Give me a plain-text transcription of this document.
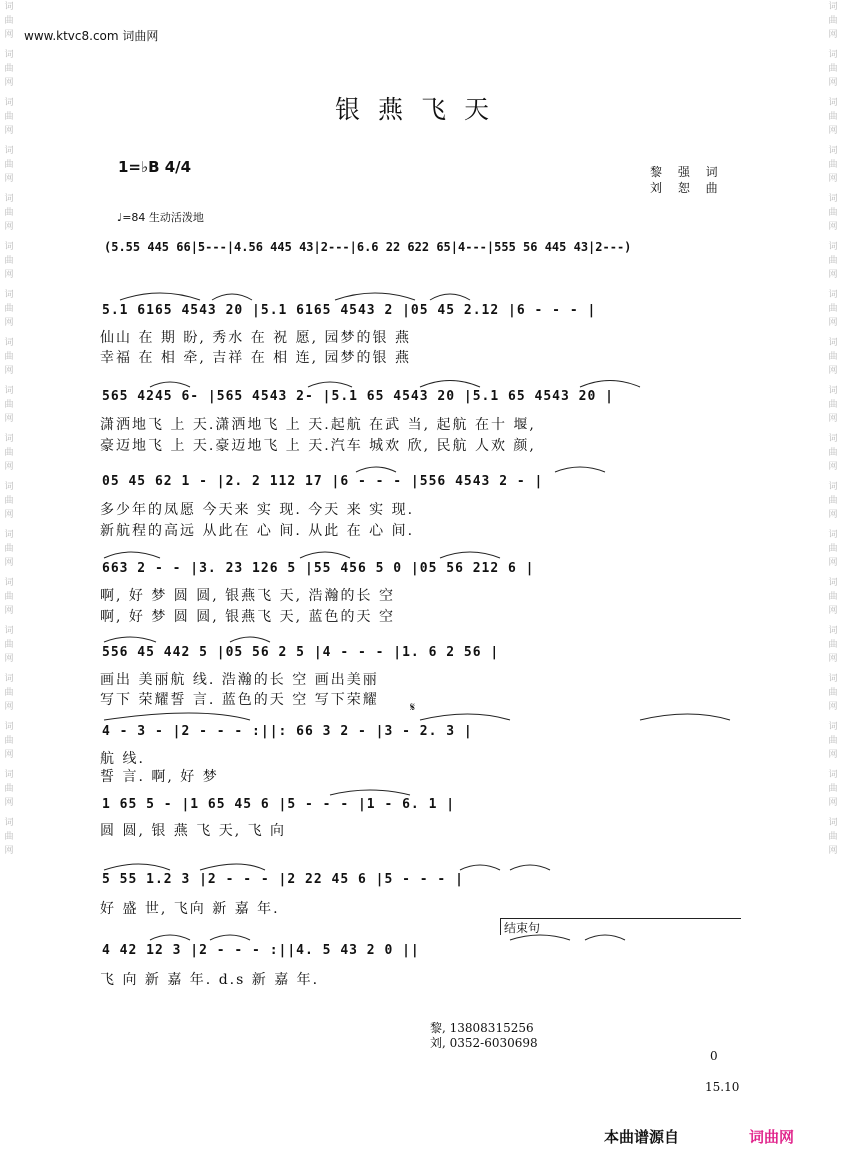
词曲网
词曲网
词曲网
词曲网
词曲网
词曲网
词曲网
词曲网
词曲网
词曲网
词曲网
词曲网
词曲网
词曲网
词曲网
词曲网
词曲网
词曲网
词曲网
词曲网
词曲网
词曲网
词曲网
词曲网
词曲网
词曲网
词曲网
词曲网
词曲网
词曲网
词曲网
词曲网
词曲网
词曲网
词曲网
词曲网
www.ktvc8.com 词曲网
银燕飞天
1=♭B 4/4	黎 强 词
刘 恕 曲
♩=84 生动活泼地
(5.55 445 66|5---|4.56 445 43|2---|6.6 22 622 65|4---|555 56 445 43|2---)
5.1 6165 4543 20 |5.1 6165 4543 2 |05 45 2.12 |6 - - - |
仙山 在 期 盼, 秀水 在 祝 愿, 园梦的银 燕
幸福 在 相 牵, 吉祥 在 相 连, 园梦的银 燕
565 4245 6- |565 4543 2- |5.1 65 4543 20 |5.1 65 4543 20 |
潇洒地飞 上 天.潇洒地飞 上 天.起航 在武 当, 起航 在十 堰,
豪迈地飞 上 天.豪迈地飞 上 天.汽车 城欢 欣, 民航 人欢 颜,
05 45 62 1 - |2. 2 112 17 |6 - - - |556 4543 2 - |
多少年的凤愿 今天来 实 现. 今天 来 实 现.
新航程的高远 从此在 心 间. 从此 在 心 间.
663 2 - - |3. 23 126 5 |55 456 5 0 |05 56 212 6 |
啊, 好 梦 圆 圆, 银燕飞 天, 浩瀚的长 空
啊, 好 梦 圆 圆, 银燕飞 天, 蓝色的天 空
556 45 442 5 |05 56 2 5 |4 - - - |1. 6 2 56 |
画出 美丽航 线. 浩瀚的长 空 画出美丽
写下 荣耀誓 言. 蓝色的天 空 写下荣耀
4 - 3 - |2 - - - :||: 66 3 2 - |3 - 2. 3 |
𝄋
航 线.
誓 言. 啊, 好 梦
1 65 5 - |1 65 45 6 |5 - - - |1 - 6. 1 |
圆 圆, 银 燕 飞 天, 飞 向
5 55 1.2 3 |2 - - - |2 22 45 6 |5 - - - |
好 盛 世, 飞向 新 嘉 年.
结束句
4 42 12 3 |2 - - - :||4. 5 43 2 0 ||
飞 向 新 嘉 年. d.s 新 嘉 年.
黎, 13808315256
刘, 0352-6030698
0
15.10
本曲谱源自	词曲网
